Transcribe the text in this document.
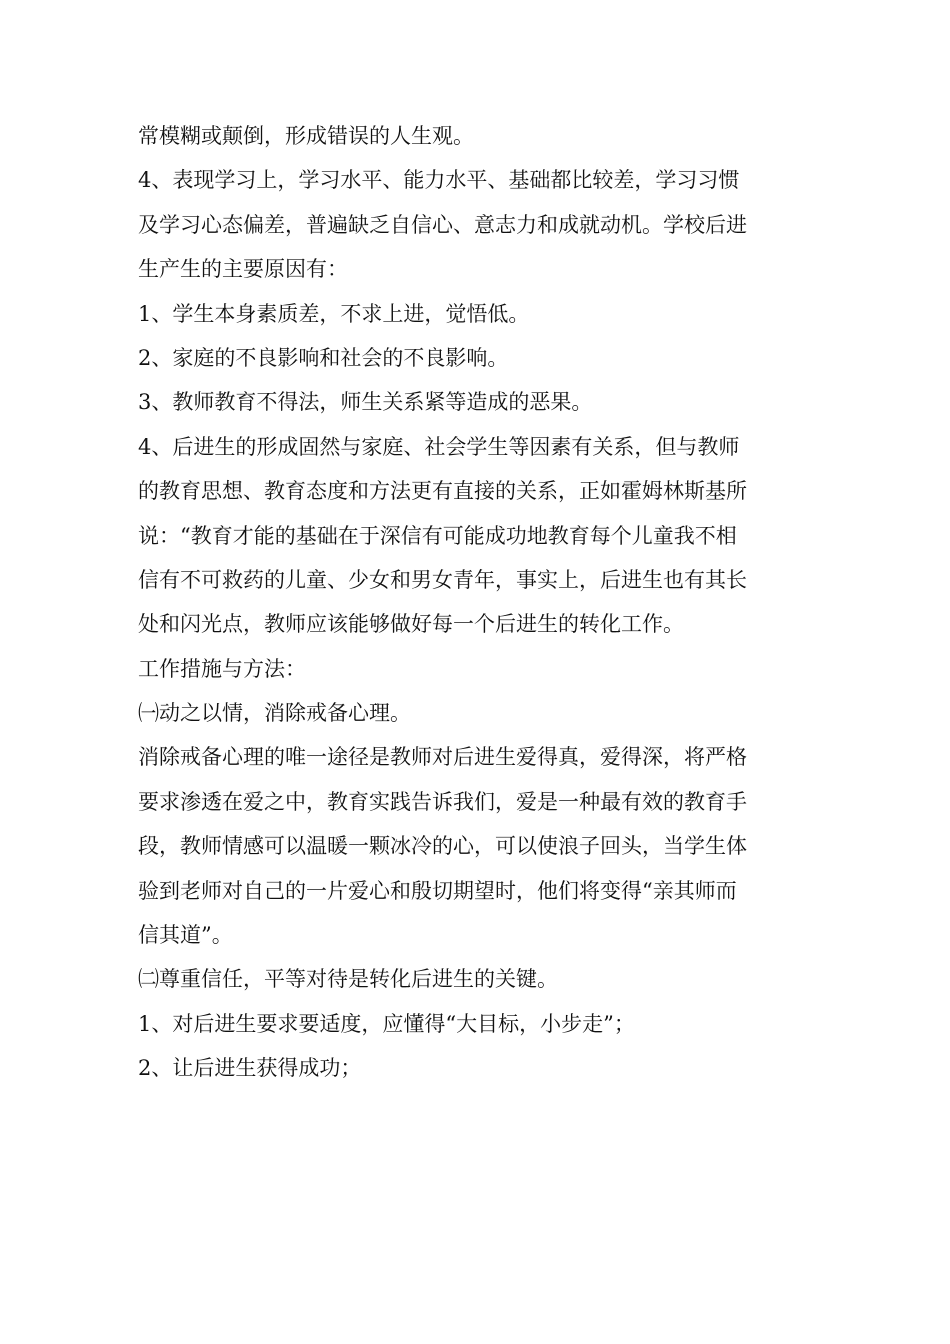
常模糊或颠倒，形成错误的人生观。
4、表现学习上，学习水平、能力水平、基础都比较差，学习习惯
及学习心态偏差，普遍缺乏自信心、意志力和成就动机。学校后进
生产生的主要原因有：
1、学生本身素质差，不求上进，觉悟低。
2、家庭的不良影响和社会的不良影响。
3、教师教育不得法，师生关系紧等造成的恶果。
4、后进生的形成固然与家庭、社会学生等因素有关系，但与教师
的教育思想、教育态度和方法更有直接的关系，正如霍姆林斯基所
说：“教育才能的基础在于深信有可能成功地教育每个儿童我不相
信有不可救药的儿童、少女和男女青年，事实上，后进生也有其长
处和闪光点，教师应该能够做好每一个后进生的转化工作。
工作措施与方法：
㈠动之以情，消除戒备心理。
消除戒备心理的唯一途径是教师对后进生爱得真，爱得深，将严格
要求渗透在爱之中，教育实践告诉我们，爱是一种最有效的教育手
段，教师情感可以温暖一颗冰冷的心，可以使浪子回头，当学生体
验到老师对自己的一片爱心和殷切期望时，他们将变得“亲其师而
信其道”。
㈡尊重信任，平等对待是转化后进生的关键。
1、对后进生要求要适度，应懂得“大目标，小步走”；
2、让后进生获得成功；
